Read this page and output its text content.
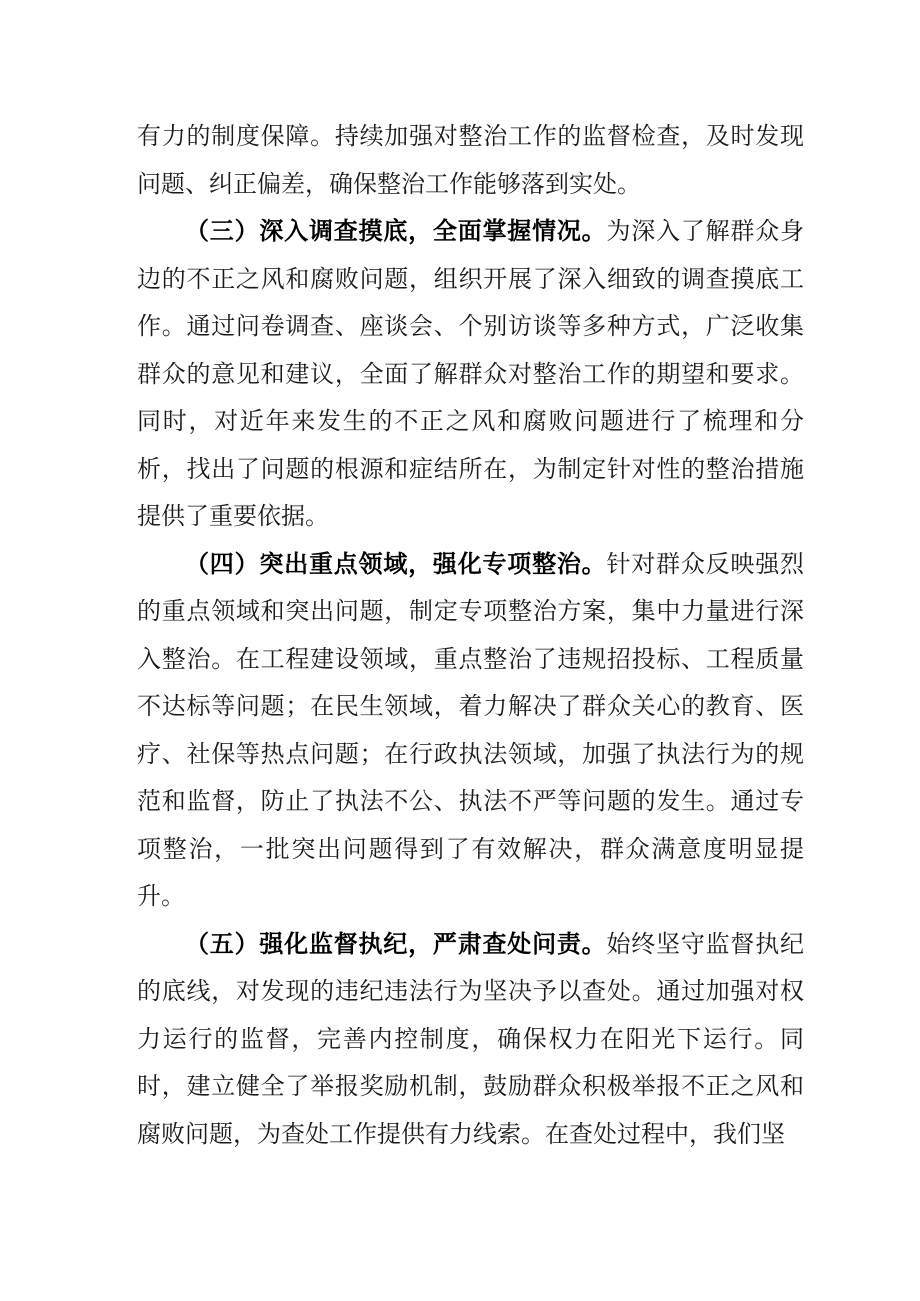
有力的制度保障。持续加强对整治工作的监督检查，及时发现问题、纠正偏差，确保整治工作能够落到实处。

（三）深入调查摸底，全面掌握情况。为深入了解群众身边的不正之风和腐败问题，组织开展了深入细致的调查摸底工作。通过问卷调查、座谈会、个别访谈等多种方式，广泛收集群众的意见和建议，全面了解群众对整治工作的期望和要求。同时，对近年来发生的不正之风和腐败问题进行了梳理和分析，找出了问题的根源和症结所在，为制定针对性的整治措施提供了重要依据。

（四）突出重点领域，强化专项整治。针对群众反映强烈的重点领域和突出问题，制定专项整治方案，集中力量进行深入整治。在工程建设领域，重点整治了违规招投标、工程质量不达标等问题；在民生领域，着力解决了群众关心的教育、医疗、社保等热点问题；在行政执法领域，加强了执法行为的规范和监督，防止了执法不公、执法不严等问题的发生。通过专项整治，一批突出问题得到了有效解决，群众满意度明显提升。

（五）强化监督执纪，严肃查处问责。始终坚守监督执纪的底线，对发现的违纪违法行为坚决予以查处。通过加强对权力运行的监督，完善内控制度，确保权力在阳光下运行。同时，建立健全了举报奖励机制，鼓励群众积极举报不正之风和腐败问题，为查处工作提供有力线索。在查处过程中，我们坚
